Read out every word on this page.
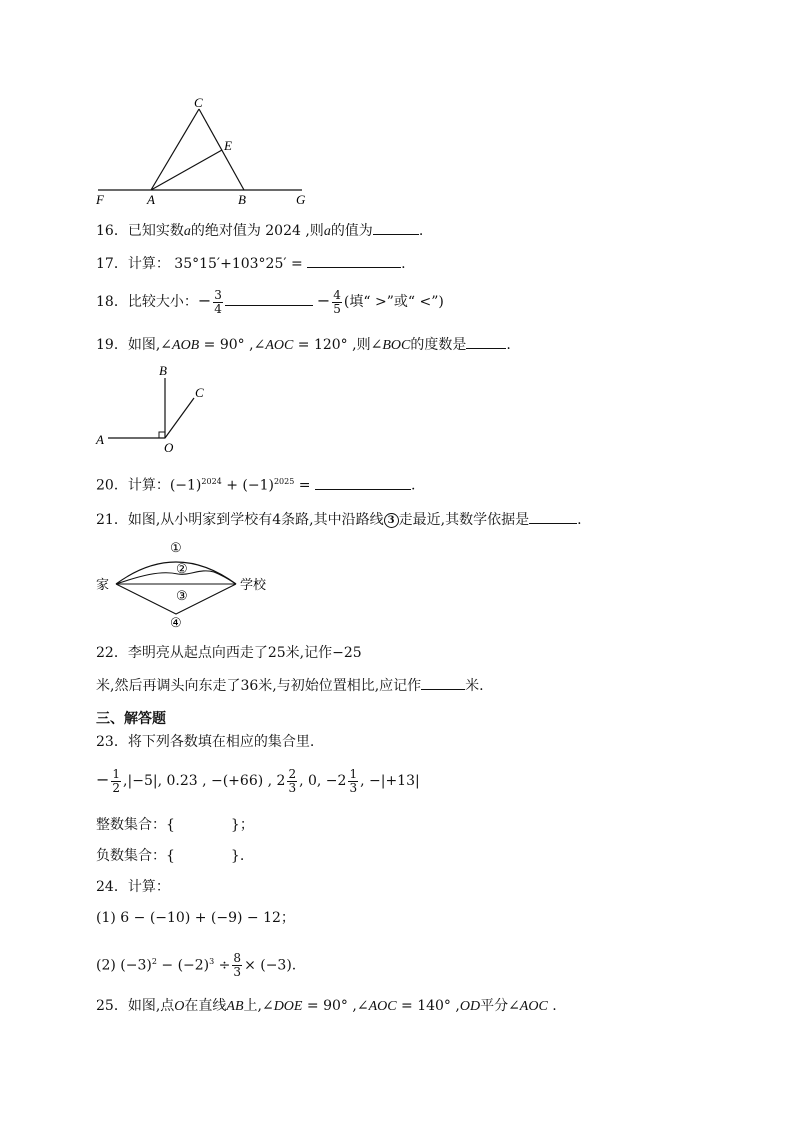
C
E
F	A	B	G
16．已知实数a的绝对值为 2024 ,则a的值为	.
17．计算： 35°15′+103°25′ =	.
18．比较大小：− $\frac{3}{4}$	− $\frac{4}{5}$ (填“ >”或“ <”)
19．如图,∠AOB = 90° ,∠AOC = 120° ,则∠BOC的度数是	.
B
C
A
O
20．计算：$(-1)^{2024} + (-1)^{2025}$ =	.
21．如图,从小明家到学校有4条路,其中沿路线 3 走最近,其数学依据是	.
家	学校
①
②
③
④
22．李明亮从起点向西走了25米,记作−25
米,然后再调头向东走了36米,与初始位置相比,应记作	米.
三、解答题
23．将下列各数填在相应的集合里.
− $\frac{1}{2} ,|-5|$, 0.23 , −(+66) , $2 \frac{2}{3}$ , 0, $-2 \frac{1}{3}$ , −|+13|
整数集合：{	}；
负数集合：{	}.
24．计算：
(1) 6 − (−10) + (−9) − 12；
(2) $(-3)^2 - (-2)^3 \div \frac{8}{3} \times (-3)$.
25．如图,点O在直线AB上,∠DOE = 90° ,∠AOC = 140° ,OD平分∠AOC .
